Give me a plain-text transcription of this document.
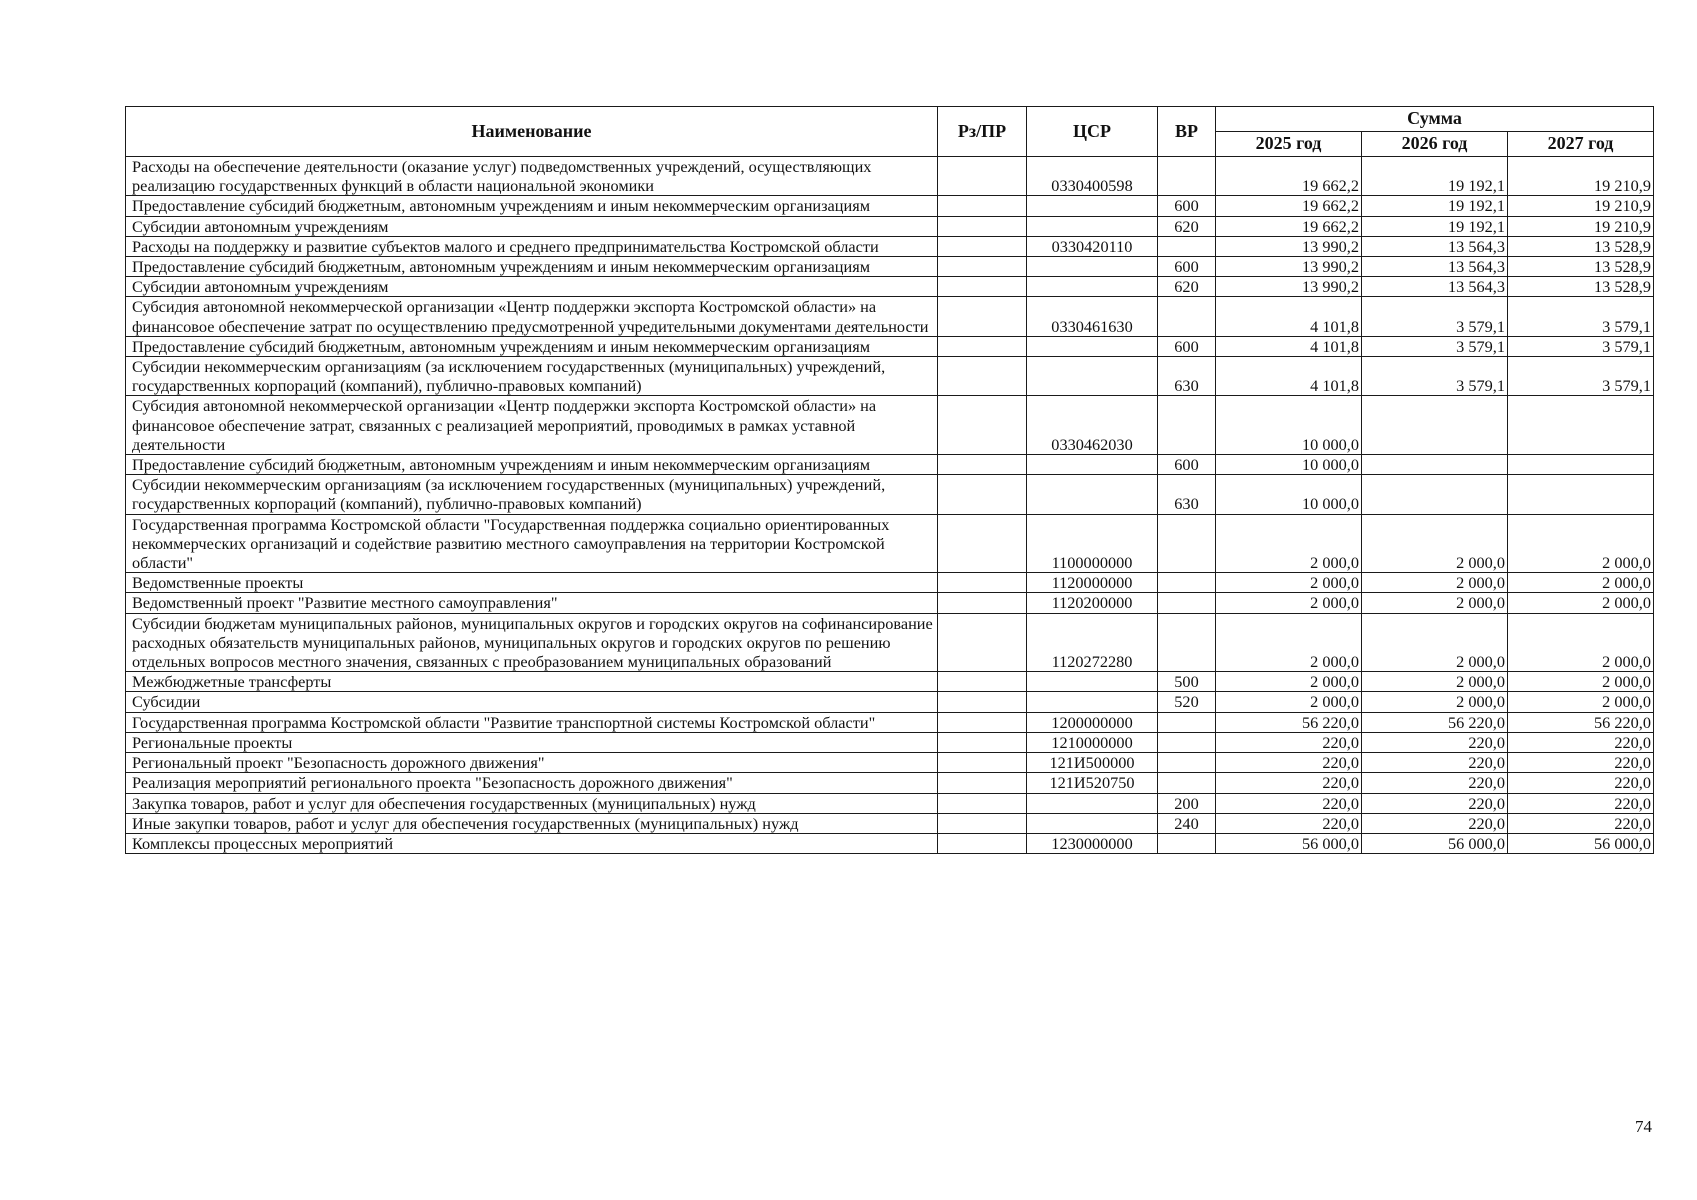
Наименование	Рз/ПР	ЦСР	ВР	Сумма		
				2025 год	2026 год	2027 год
Расходы на обеспечение деятельности (оказание услуг) подведомственных учреждений, осуществляющих реализацию государственных функций в области национальной экономики		0330400598		19 662,2	19 192,1	19 210,9
Предоставление субсидий бюджетным, автономным учреждениям и иным некоммерческим организациям			600	19 662,2	19 192,1	19 210,9
Субсидии автономным учреждениям			620	19 662,2	19 192,1	19 210,9
Расходы на поддержку и развитие субъектов малого и среднего предпринимательства Костромской области		0330420110		13 990,2	13 564,3	13 528,9
Предоставление субсидий бюджетным, автономным учреждениям и иным некоммерческим организациям			600	13 990,2	13 564,3	13 528,9
Субсидии автономным учреждениям			620	13 990,2	13 564,3	13 528,9
Субсидия автономной некоммерческой организации «Центр поддержки экспорта Костромской области» на финансовое обеспечение затрат по осуществлению предусмотренной учредительными документами деятельности		0330461630		4 101,8	3 579,1	3 579,1
Предоставление субсидий бюджетным, автономным учреждениям и иным некоммерческим организациям			600	4 101,8	3 579,1	3 579,1
Субсидии некоммерческим организациям (за исключением государственных (муниципальных) учреждений, государственных корпораций (компаний), публично-правовых компаний)			630	4 101,8	3 579,1	3 579,1
Субсидия автономной некоммерческой организации «Центр поддержки экспорта Костромской области» на финансовое обеспечение затрат, связанных с реализацией мероприятий, проводимых в рамках уставной деятельности		0330462030		10 000,0		
Предоставление субсидий бюджетным, автономным учреждениям и иным некоммерческим организациям			600	10 000,0		
Субсидии некоммерческим организациям (за исключением государственных (муниципальных) учреждений, государственных корпораций (компаний), публично-правовых компаний)			630	10 000,0		
Государственная программа Костромской области "Государственная поддержка социально ориентированных некоммерческих организаций и содействие развитию местного самоуправления на территории Костромской области"		1100000000		2 000,0	2 000,0	2 000,0
Ведомственные проекты		1120000000		2 000,0	2 000,0	2 000,0
Ведомственный проект "Развитие местного самоуправления"		1120200000		2 000,0	2 000,0	2 000,0
Субсидии бюджетам муниципальных районов, муниципальных округов и городских округов на софинансирование расходных обязательств муниципальных районов, муниципальных округов и городских округов по решению отдельных вопросов местного значения, связанных с преобразованием муниципальных образований		1120272280		2 000,0	2 000,0	2 000,0
Межбюджетные трансферты			500	2 000,0	2 000,0	2 000,0
Субсидии			520	2 000,0	2 000,0	2 000,0
Государственная программа Костромской области "Развитие транспортной системы Костромской области"		1200000000		56 220,0	56 220,0	56 220,0
Региональные проекты		1210000000		220,0	220,0	220,0
Региональный проект "Безопасность дорожного движения"		121И500000		220,0	220,0	220,0
Реализация мероприятий регионального проекта "Безопасность дорожного движения"		121И520750		220,0	220,0	220,0
Закупка товаров, работ и услуг для обеспечения государственных (муниципальных) нужд			200	220,0	220,0	220,0
Иные закупки товаров, работ и услуг для обеспечения государственных (муниципальных) нужд			240	220,0	220,0	220,0
Комплексы процессных мероприятий		1230000000		56 000,0	56 000,0	56 000,0
74
